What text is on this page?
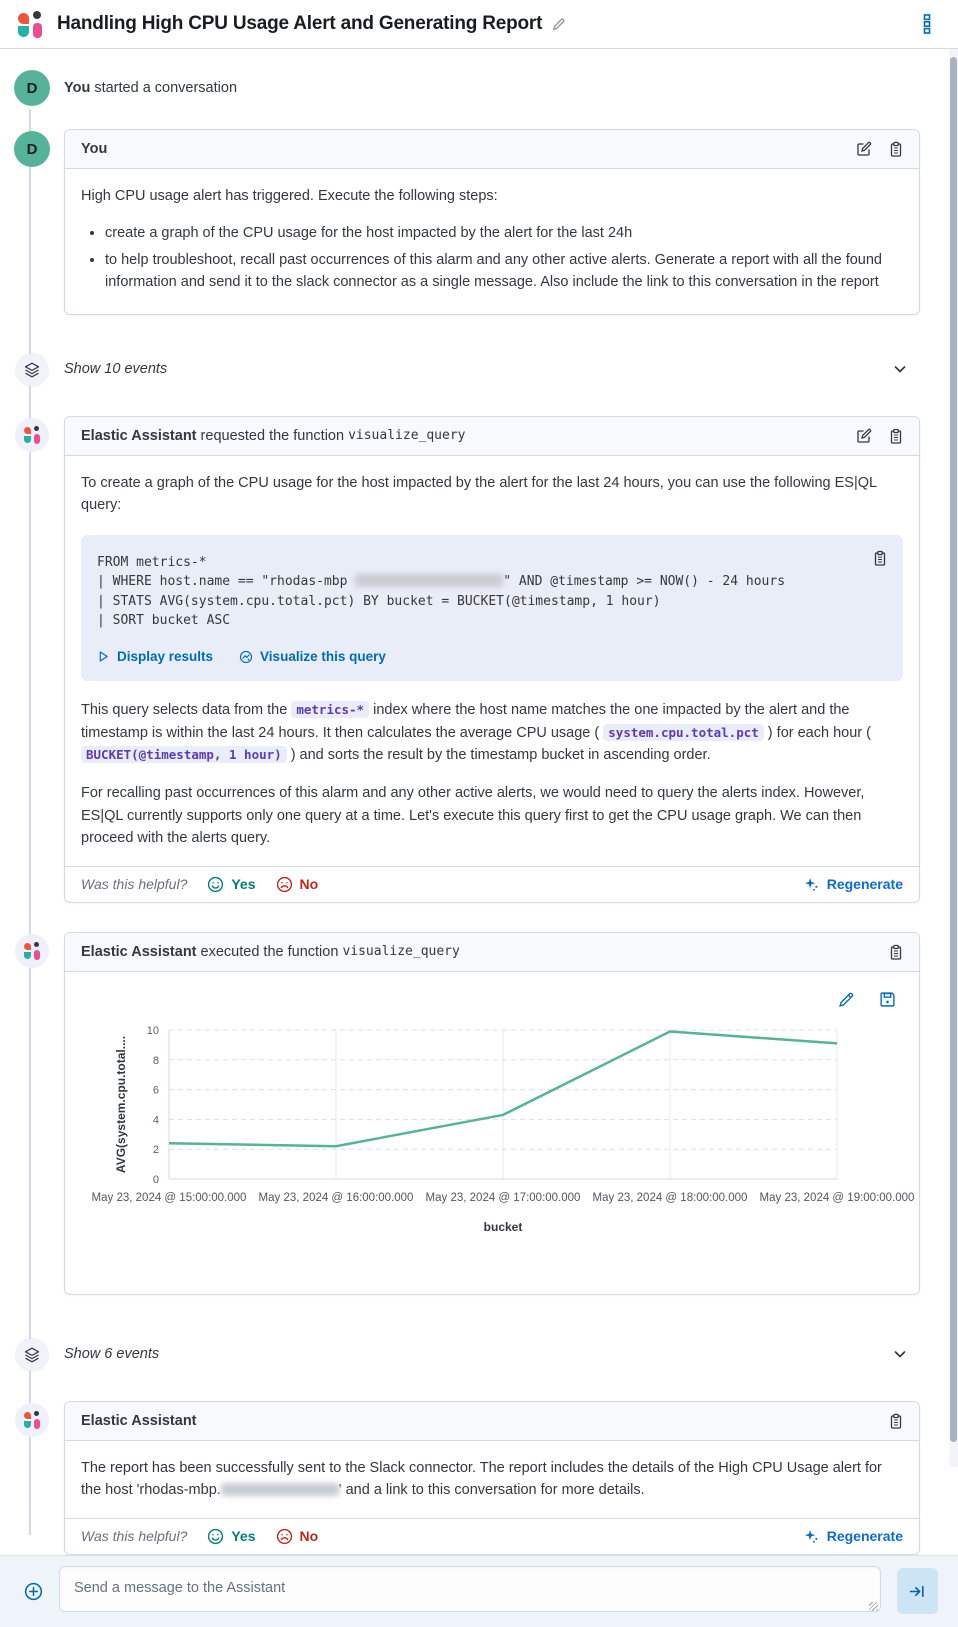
Handling High CPU Usage Alert and Generating Report
D	You started a conversation
D	You

High CPU usage alert has triggered. Execute the following steps:

• create a graph of the CPU usage for the host impacted by the alert for the last 24h
• to help troubleshoot, recall past occurrences of this alarm and any other active alerts. Generate a report with all the found information and send it to the slack connector as a single message. Also include the link to this conversation in the report
Show 10 events
Elastic Assistant requested the function visualize_query

To create a graph of the CPU usage for the host impacted by the alert for the last 24 hours, you can use the following ES|QL query:

FROM metrics-*
| WHERE host.name == "rhodas-mbp	" AND @timestamp >= NOW() - 24 hours
| STATS AVG(system.cpu.total.pct) BY bucket = BUCKET(@timestamp, 1 hour)
| SORT bucket ASC
Display results	Visualize this query

This query selects data from the metrics-* index where the host name matches the one impacted by the alert and the timestamp is within the last 24 hours. It then calculates the average CPU usage ( system.cpu.total.pct ) for each hour ( BUCKET(@timestamp, 1 hour) ) and sorts the result by the timestamp bucket in ascending order.

For recalling past occurrences of this alarm and any other active alerts, we would need to query the alerts index. However, ES|QL currently supports only one query at a time. Let's execute this query first to get the CPU usage graph. We can then proceed with the alerts query.

Was this helpful?	Yes	No	Regenerate
Elastic Assistant executed the function visualize_query
0
2
4
6
8
10
May 23, 2024 @ 15:00:00.000 May 23, 2024 @ 16:00:00.000 May 23, 2024 @ 17:00:00.000 May 23, 2024 @ 18:00:00.000 May 23, 2024 @ 19:00:00.000
bucket
AVG(system.cpu.total....
Show 6 events
Elastic Assistant

The report has been successfully sent to the Slack connector. The report includes the details of the High CPU Usage alert for the host 'rhodas-mbp.	' and a link to this conversation for more details.

Was this helpful?	Yes	No	Regenerate
Send a message to the Assistant
